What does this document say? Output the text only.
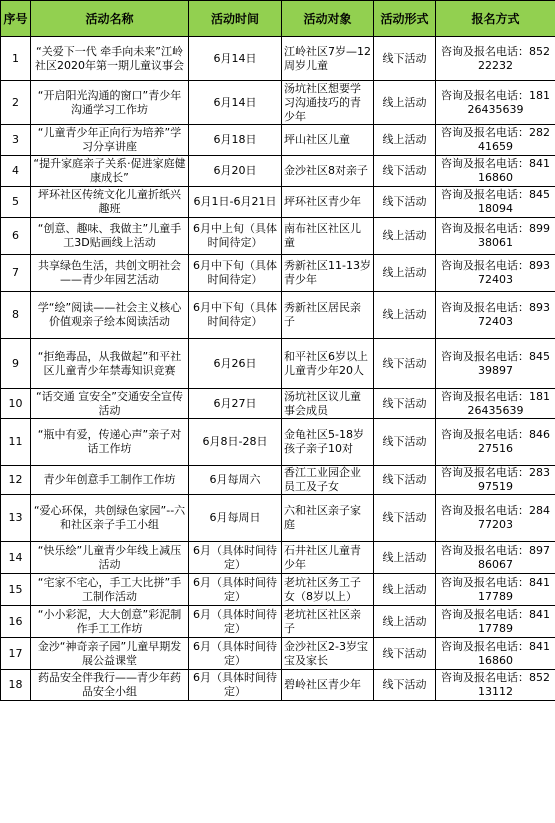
序号	活动名称	活动时间	活动对象	活动形式	报名方式
1	“关爱下一代 牵手向未来”江岭社区2020年第一期儿童议事会	6月14日	江岭社区7岁—12周岁儿童	线下活动	咨询及报名电话：85222232
2	“开启阳光沟通的窗口”青少年沟通学习工作坊	6月14日	汤坑社区想要学习沟通技巧的青少年	线上活动	咨询及报名电话：18126435639
3	“儿童青少年正向行为培养”学习分享讲座	6月18日	坪山社区儿童	线上活动	咨询及报名电话：28241659
4	“提升家庭亲子关系·促进家庭健康成长”	6月20日	金沙社区8对亲子	线下活动	咨询及报名电话：84116860
5	坪环社区传统文化儿童折纸兴趣班	6月1日-6月21日	坪环社区青少年	线下活动	咨询及报名电话：84518094
6	“创意、趣味、我做主”儿童手工3D贴画线上活动	6月中上旬（具体时间待定）	南布社区社区儿童	线上活动	咨询及报名电话：89938061
7	共享绿色生活，共创文明社会——青少年园艺活动	6月中下旬（具体时间待定）	秀新社区11-13岁青少年	线上活动	咨询及报名电话：89372403
8	学“绘”阅读——社会主义核心价值观亲子绘本阅读活动	6月中下旬（具体时间待定）	秀新社区居民亲子	线上活动	咨询及报名电话：89372403
9	“拒绝毒品，从我做起”和平社区儿童青少年禁毒知识竞赛	6月26日	和平社区6岁以上儿童青少年20人	线下活动	咨询及报名电话：84539897
10	“话交通 宣安全”交通安全宣传活动	6月27日	汤坑社区议儿童事会成员	线下活动	咨询及报名电话：18126435639
11	“瓶中有爱，传递心声”亲子对话工作坊	6月8日-28日	金龟社区5-18岁孩子亲子10对	线下活动	咨询及报名电话：84627516
12	青少年创意手工制作工作坊	6月每周六	香江工业园企业员工及子女	线下活动	咨询及报名电话：28397519
13	“爱心环保，共创绿色家园”--六和社区亲子手工小组	6月每周日	六和社区亲子家庭	线下活动	咨询及报名电话：28477203
14	“快乐绘”儿童青少年线上减压活动	6月（具体时间待定）	石井社区儿童青少年	线上活动	咨询及报名电话：89786067
15	“宅家不宅心，手工大比拼”手工制作活动	6月（具体时间待定）	老坑社区务工子女（8岁以上）	线上活动	咨询及报名电话：84117789
16	“小小彩泥，大大创意”彩泥制作手工工作坊	6月（具体时间待定）	老坑社区社区亲子	线上活动	咨询及报名电话：84117789
17	金沙“神奇亲子园”儿童早期发展公益课堂	6月（具体时间待定）	金沙社区2-3岁宝宝及家长	线下活动	咨询及报名电话：84116860
18	药品安全伴我行——青少年药品安全小组	6月（具体时间待定）	碧岭社区青少年	线下活动	咨询及报名电话：85213112
